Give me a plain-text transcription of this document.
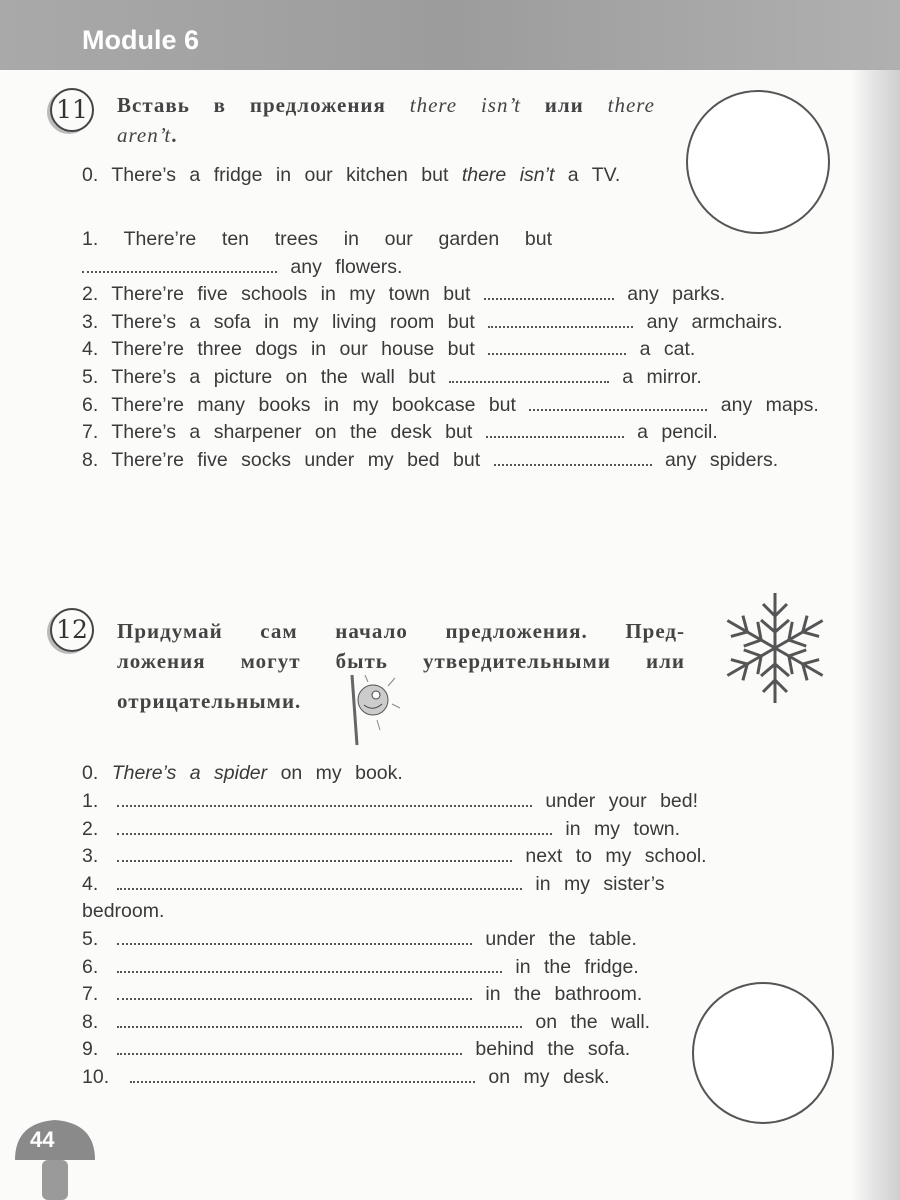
Module 6
11 Вставь в предложения there isn’t или there aren’t.
0. There’s a fridge in our kitchen but there isn’t a TV.
1. There’re ten trees in our garden but  any flowers.
2. There’re five schools in my town but	any parks.
3. There’s a sofa in my living room but	any armchairs.
4. There’re three dogs in our house but	a cat.
5. There’s a picture on the wall but	a mirror.
6. There’re many books in my bookcase but	any maps.
7. There’s a sharpener on the desk but	a pencil.
8. There’re five socks under my bed but	any spiders.
12 Придумай сам начало предложения. Пред-
ложения могут быть утвердительными или
отрицательными.
0. There’s a spider on my book.
1.	under your bed!
2.	in my town.
3.	next to my school.
4.	in my sister’s bedroom.
5.	under the table.
6.	in the fridge.
7.	in the bathroom.
8.	on the wall.
9.	behind the sofa.
10.	on my desk.
44
